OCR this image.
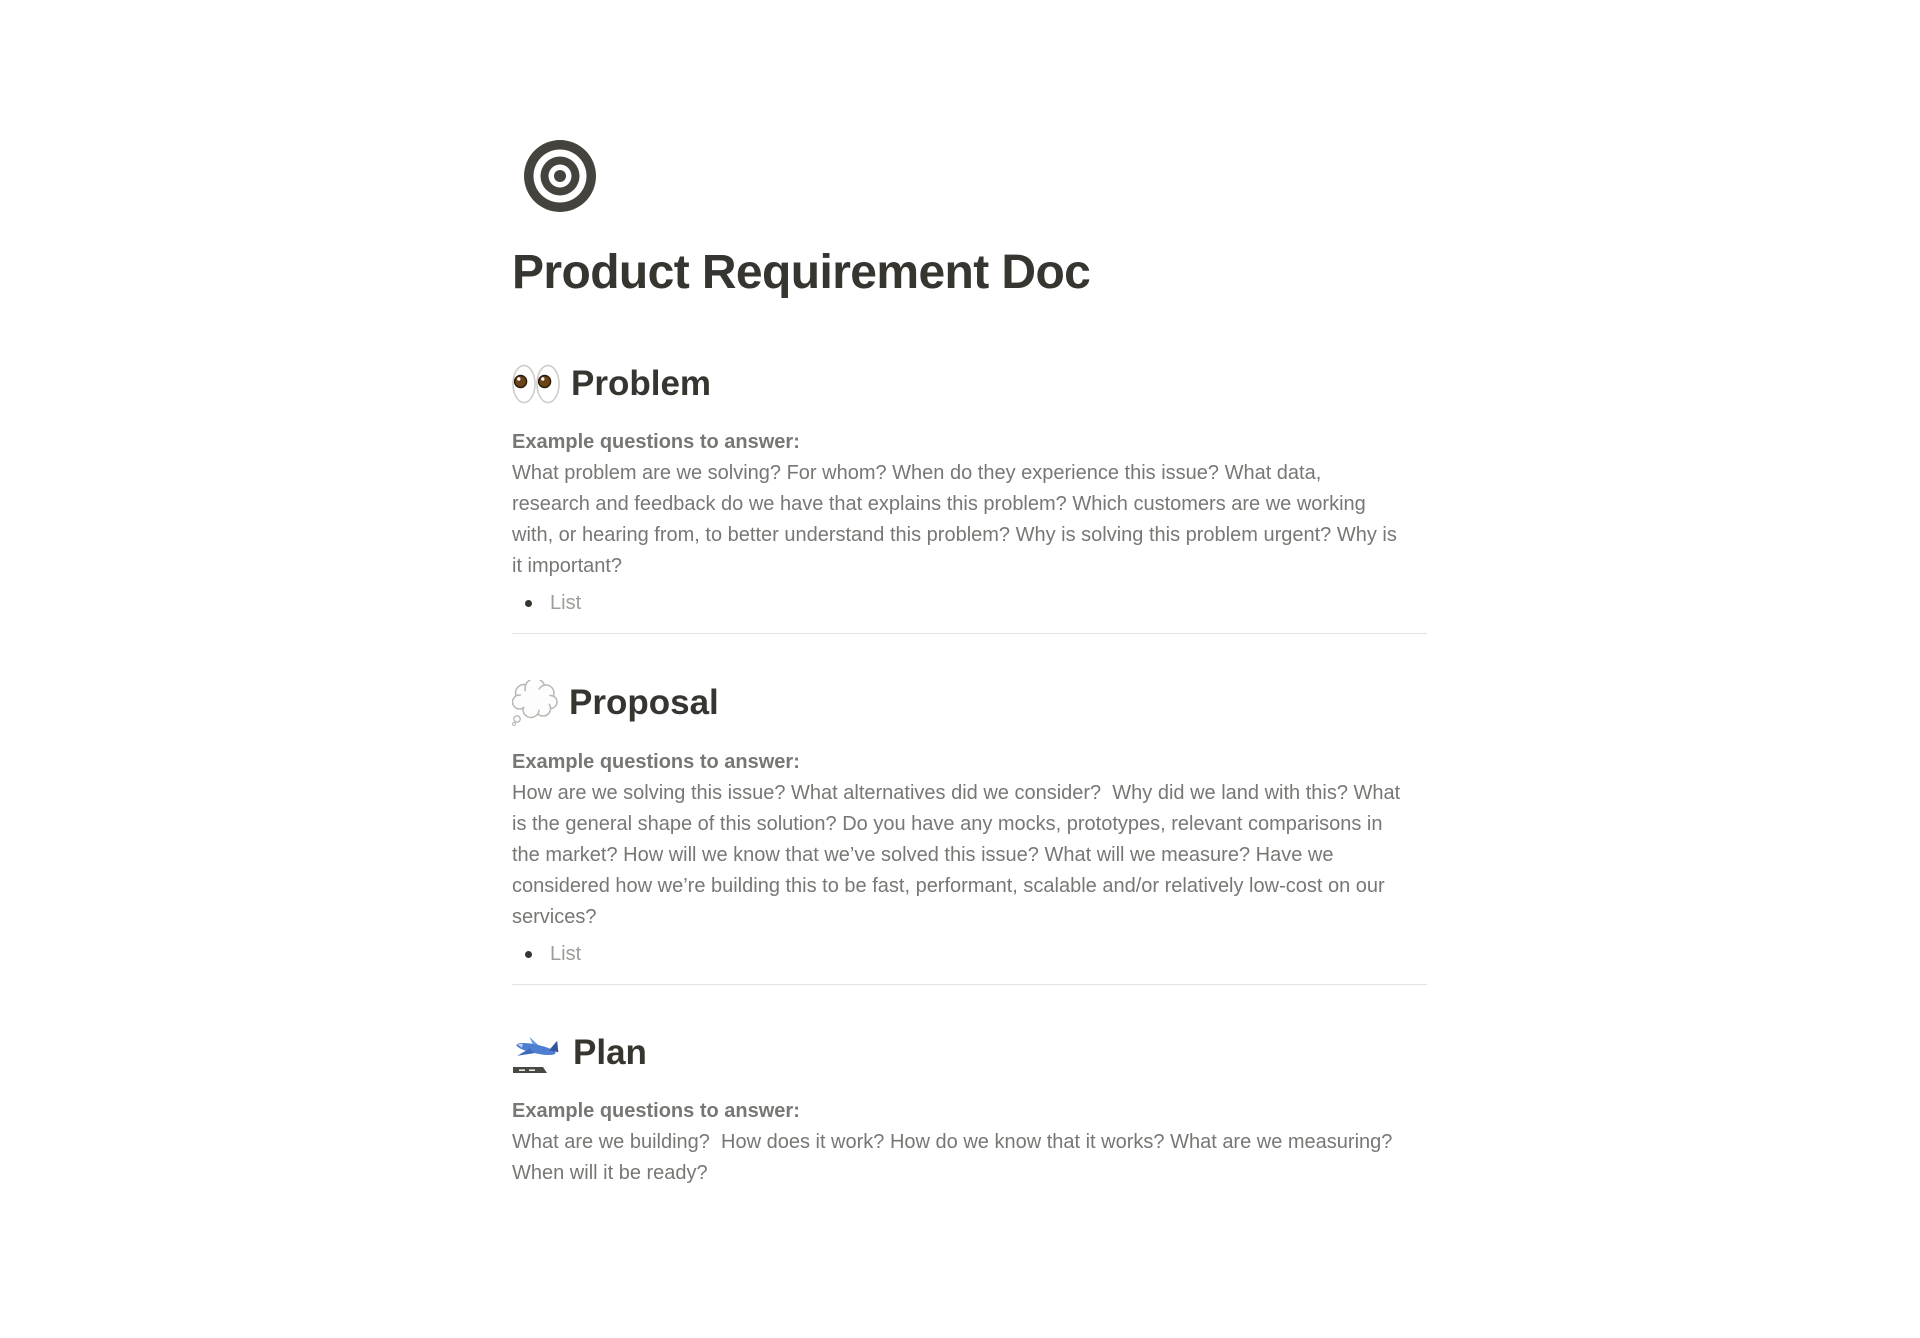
Product Requirement Doc
Problem
Example questions to answer:
What problem are we solving? For whom? When do they experience this issue? What data, research and feedback do we have that explains this problem? Which customers are we working with, or hearing from, to better understand this problem? Why is solving this problem urgent? Why is it important?
List
Proposal
Example questions to answer:
How are we solving this issue? What alternatives did we consider?  Why did we land with this? What is the general shape of this solution? Do you have any mocks, prototypes, relevant comparisons in the market? How will we know that we’ve solved this issue? What will we measure? Have we considered how we’re building this to be fast, performant, scalable and/or relatively low-cost on our services?
List
Plan
Example questions to answer:
What are we building?  How does it work? How do we know that it works? What are we measuring? When will it be ready?
